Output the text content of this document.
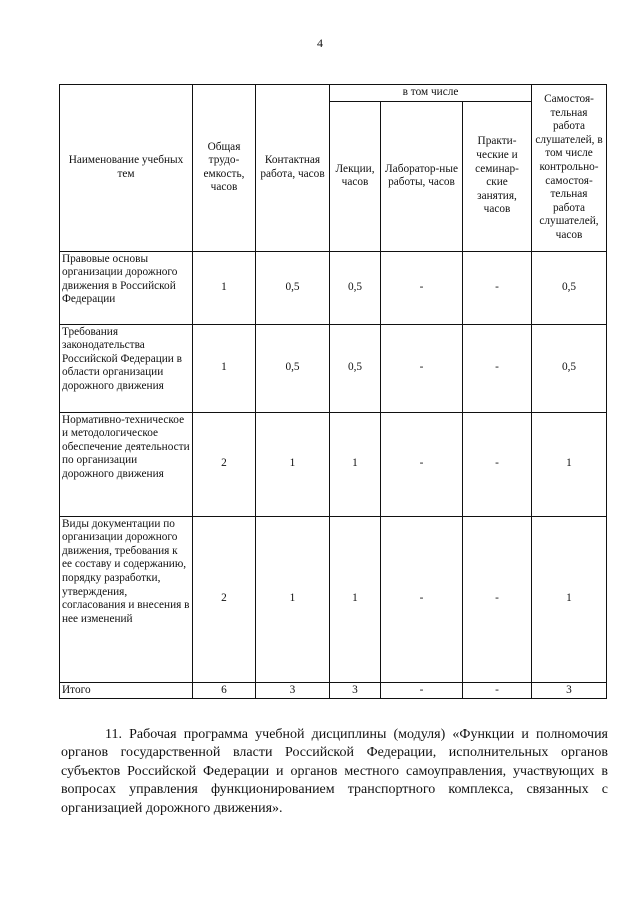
4
Наименование учебных тем	Общая трудо-емкость, часов	Контактная работа, часов	в том числе			Самостоя-тельная работа слушателей, в том числе контрольно-самостоя-тельная работа слушателей, часов
			Лекции, часов	Лаборатор-ные работы, часов	Практи-ческие и семинар-ские занятия, часов	
Правовые основы организации дорожного движения в Российской Федерации	1	0,5	0,5	-	-	0,5
Требования законодательства Российской Федерации в области организации дорожного движения	1	0,5	0,5	-	-	0,5
Нормативно-техническое и методологическое обеспечение деятельности по организации дорожного движения	2	1	1	-	-	1
Виды документации по организации дорожного движения, требования к ее составу и содержанию, порядку разработки, утверждения, согласования и внесения в нее изменений	2	1	1	-	-	1
Итого	6	3	3	-	-	3

11. Рабочая программа учебной дисциплины (модуля) «Функции и полномочия органов государственной власти Российской Федерации, исполнительных органов субъектов Российской Федерации и органов местного самоуправления, участвующих в вопросах управления функционированием транспортного комплекса, связанных с организацией дорожного движения».
